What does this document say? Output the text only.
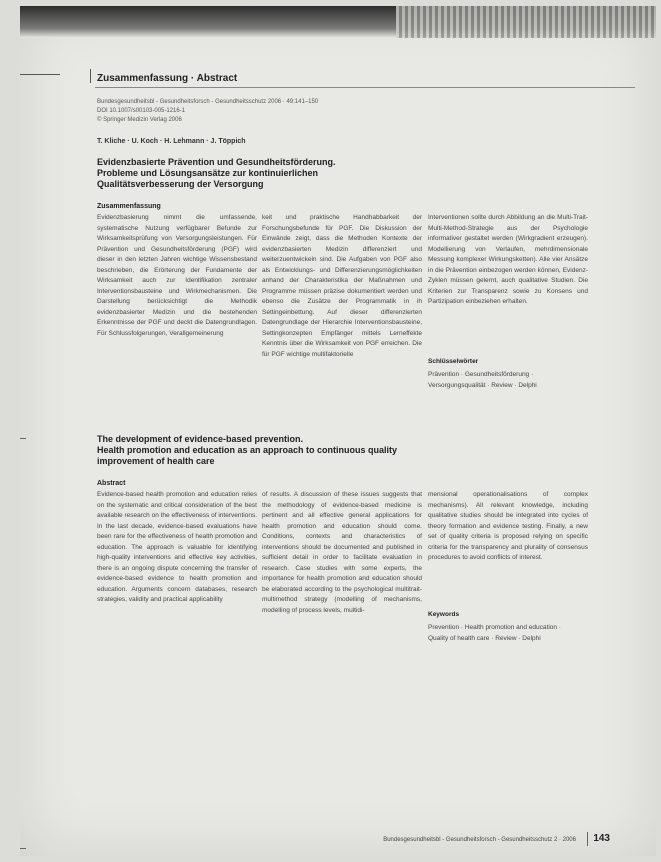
Zusammenfassung · Abstract
Bundesgesundheitsbl - Gesundheitsforsch - Gesundheitsschutz 2006 · 49:141–150
DOI 10.1007/s00103-005-1216-1
© Springer Medizin Verlag 2006
T. Kliche · U. Koch · H. Lehmann · J. Töppich
Evidenzbasierte Prävention und Gesundheitsförderung.
Probleme und Lösungsansätze zur kontinuierlichen
Qualitätsverbesserung der Versorgung
Zusammenfassung
Evidenzbasierung nimmt die umfassende, systematische Nutzung verfügbarer Befunde zur Wirksamkeitsprüfung von Versorgungsleistungen. Für Prävention und Gesundheitsförderung (PGF) wird dieser in den letzten Jahren wichtige Wissensbestand beschrieben, die Erörterung der Fundamente der Wirksamkeit auch zur Identifikation zentraler Interventionsbausteine und Wirkmechanismen. Die Darstellung berücksichtigt die Methodik evidenzbasierter Medizin und die bestehenden Erkenntnisse der PGF und deckt die Datengrundlagen. Für Schlussfolgerungen, Verallgemeinerung
keit und praktische Handhabbarkeit der Forschungsbefunde für PGF. Die Diskussion der Einwände zeigt, dass die Methoden Kontexte der evidenzbasierten Medizin differenziert und weiterzuentwickeln sind. Die Aufgaben von PGF also als Entwicklungs- und Differenzierungsmöglichkeiten anhand der Charakteristika der Maßnahmen und Programme müssen präzise dokumentiert werden und ebenso die Zusätze der Programmatik in ih Settingeinbettung. Auf dieser differenzierten Datengrundlage der Hierarchie Interventionsbausteine, Settingkonzepten Empfänger mittels Lerneffekte Kenntnis über die Wirksamkeit von PGF erreichen. Die für PGF wichtige multifaktorielle
Interventionen sollte durch Abbildung an die Multi-Trait-Multi-Method-Strategie aus der Psychologie informativer gestaltet werden (Wirkgradient erzeugen). Modellierung von Verlaufen, mehrdimensionale Messung komplexer Wirkungsketten). Alle vier Ansätze in die Prävention einbezogen werden können, Evidenz-Zyklen müssen gelernt, auch qualitative Studien. Die Kriterien zur Transparenz sowie zu Konsens und Partizipation einbeziehen erhalten.
Schlüsselwörter
Prävention · Gesundheitsförderung · Versorgungsqualität · Review · Delphi
The development of evidence-based prevention.
Health promotion and education as an approach to continuous quality
improvement of health care
Abstract
Evidence-based health promotion and education relies on the systematic and critical consideration of the best available research on the effectiveness of interventions. In the last decade, evidence-based evaluations have been rare for the effectiveness of health promotion and education. The approach is valuable for identifying high-quality interventions and effective key activities, there is an ongoing dispute concerning the transfer of evidence-based evidence to health promotion and education. Arguments concern databases, research strategies, validity and practical applicability
of results. A discussion of these issues suggests that the methodology of evidence-based medicine is pertinent and all effective general applications for health promotion and education should come. Conditions, contexts and characteristics of interventions should be documented and published in sufficient detail in order to facilitate evaluation in research. Case studies with some experts, the importance for health promotion and education should be elaborated according to the psychological multitrait-multimethod strategy (modelling of mechanisms, modelling of process levels, multidi-
mensional operationalisations of complex mechanisms). All relevant knowledge, including qualitative studies should be integrated into cycles of theory formation and evidence testing. Finally, a new set of quality criteria is proposed relying on specific criteria for the transparency and plurality of consensus procedures to avoid conflicts of interest.
Keywords
Prevention · Health promotion and education · Quality of health care · Review · Delphi
Bundesgesundheitsbl - Gesundheitsforsch - Gesundheitsschutz 2 · 2006 143
